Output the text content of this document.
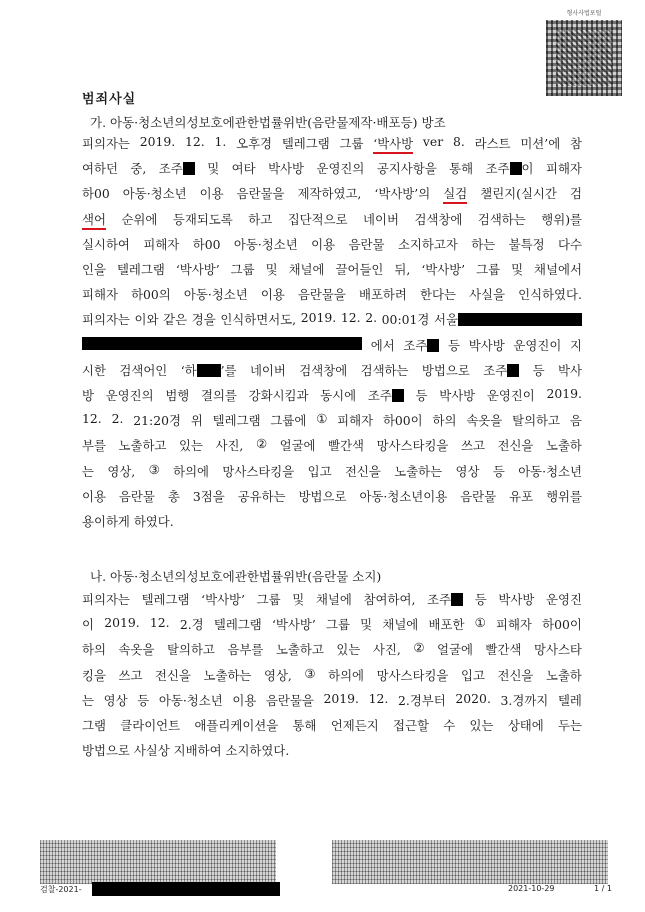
형사사법포털
범죄사실
가. 아동·청소년의성보호에관한법률위반(음란물제작·배포등) 방조
피의자는 2019. 12. 1. 오후경 텔레그램 그룹 ‘박사방 ver 8. 라스트 미션’에 참
여하던 중, 조주	및 여타 박사방 운영진의 공지사항을 통해 조주 이 피해자
하00 아동·청소년 이용 음란물을 제작하였고, ‘박사방’의 실검 챌린지(실시간 검
색어 순위에 등재되도록 하고 집단적으로 네이버 검색창에 검색하는 행위)를
실시하여 피해자 하00 아동·청소년 이용 음란물 소지하고자 하는 불특정 다수
인을 텔레그램 ‘박사방’ 그룹 및 채널에 끌어들인 뒤, ‘박사방’ 그룹 및 채널에서
피해자 하00의 아동·청소년 이용 음란물을 배포하려 한다는 사실을 인식하였다.
피의자는 이와 같은 경을 인식하면서도, 2019. 12. 2. 00:01경 서울
에서 조주	등 박사방 운영진이 지
시한 검색어인 ‘하 ’를 네이버 검색창에 검색하는 방법으로 조주	등 박사
방 운영진의 범행 결의를 강화시킴과 동시에 조주	등 박사방 운영진이 2019.
12. 2. 21:20경 위 텔레그램 그룹에 ① 피해자 하00이 하의 속옷을 탈의하고 음
부를 노출하고 있는 사진, ② 얼굴에 빨간색 망사스타킹을 쓰고 전신을 노출하
는 영상, ③ 하의에 망사스타킹을 입고 전신을 노출하는 영상 등 아동·청소년
이용 음란물 총 3점을 공유하는 방법으로 아동·청소년이용 음란물 유포 행위를
용이하게 하였다.
나. 아동·청소년의성보호에관한법률위반(음란물 소지)
피의자는 텔레그램 ‘박사방’ 그룹 및 채널에 참여하여, 조주	등 박사방 운영진
이 2019. 12. 2.경 텔레그램 ‘박사방’ 그룹 및 채널에 배포한 ① 피해자 하00이
하의 속옷을 탈의하고 음부를 노출하고 있는 사진, ② 얼굴에 빨간색 망사스타
킹을 쓰고 전신을 노출하는 영상, ③ 하의에 망사스타킹을 입고 전신을 노출하
는 영상 등 아동·청소년 이용 음란물을 2019. 12. 2.경부터 2020. 3.경까지 텔레
그램 클라이언트 애플리케이션을 통해 언제든지 접근할 수 있는 상태에 두는
방법으로 사실상 지배하여 소지하였다.
검찰-2021-	2021-10-29	1 / 1
